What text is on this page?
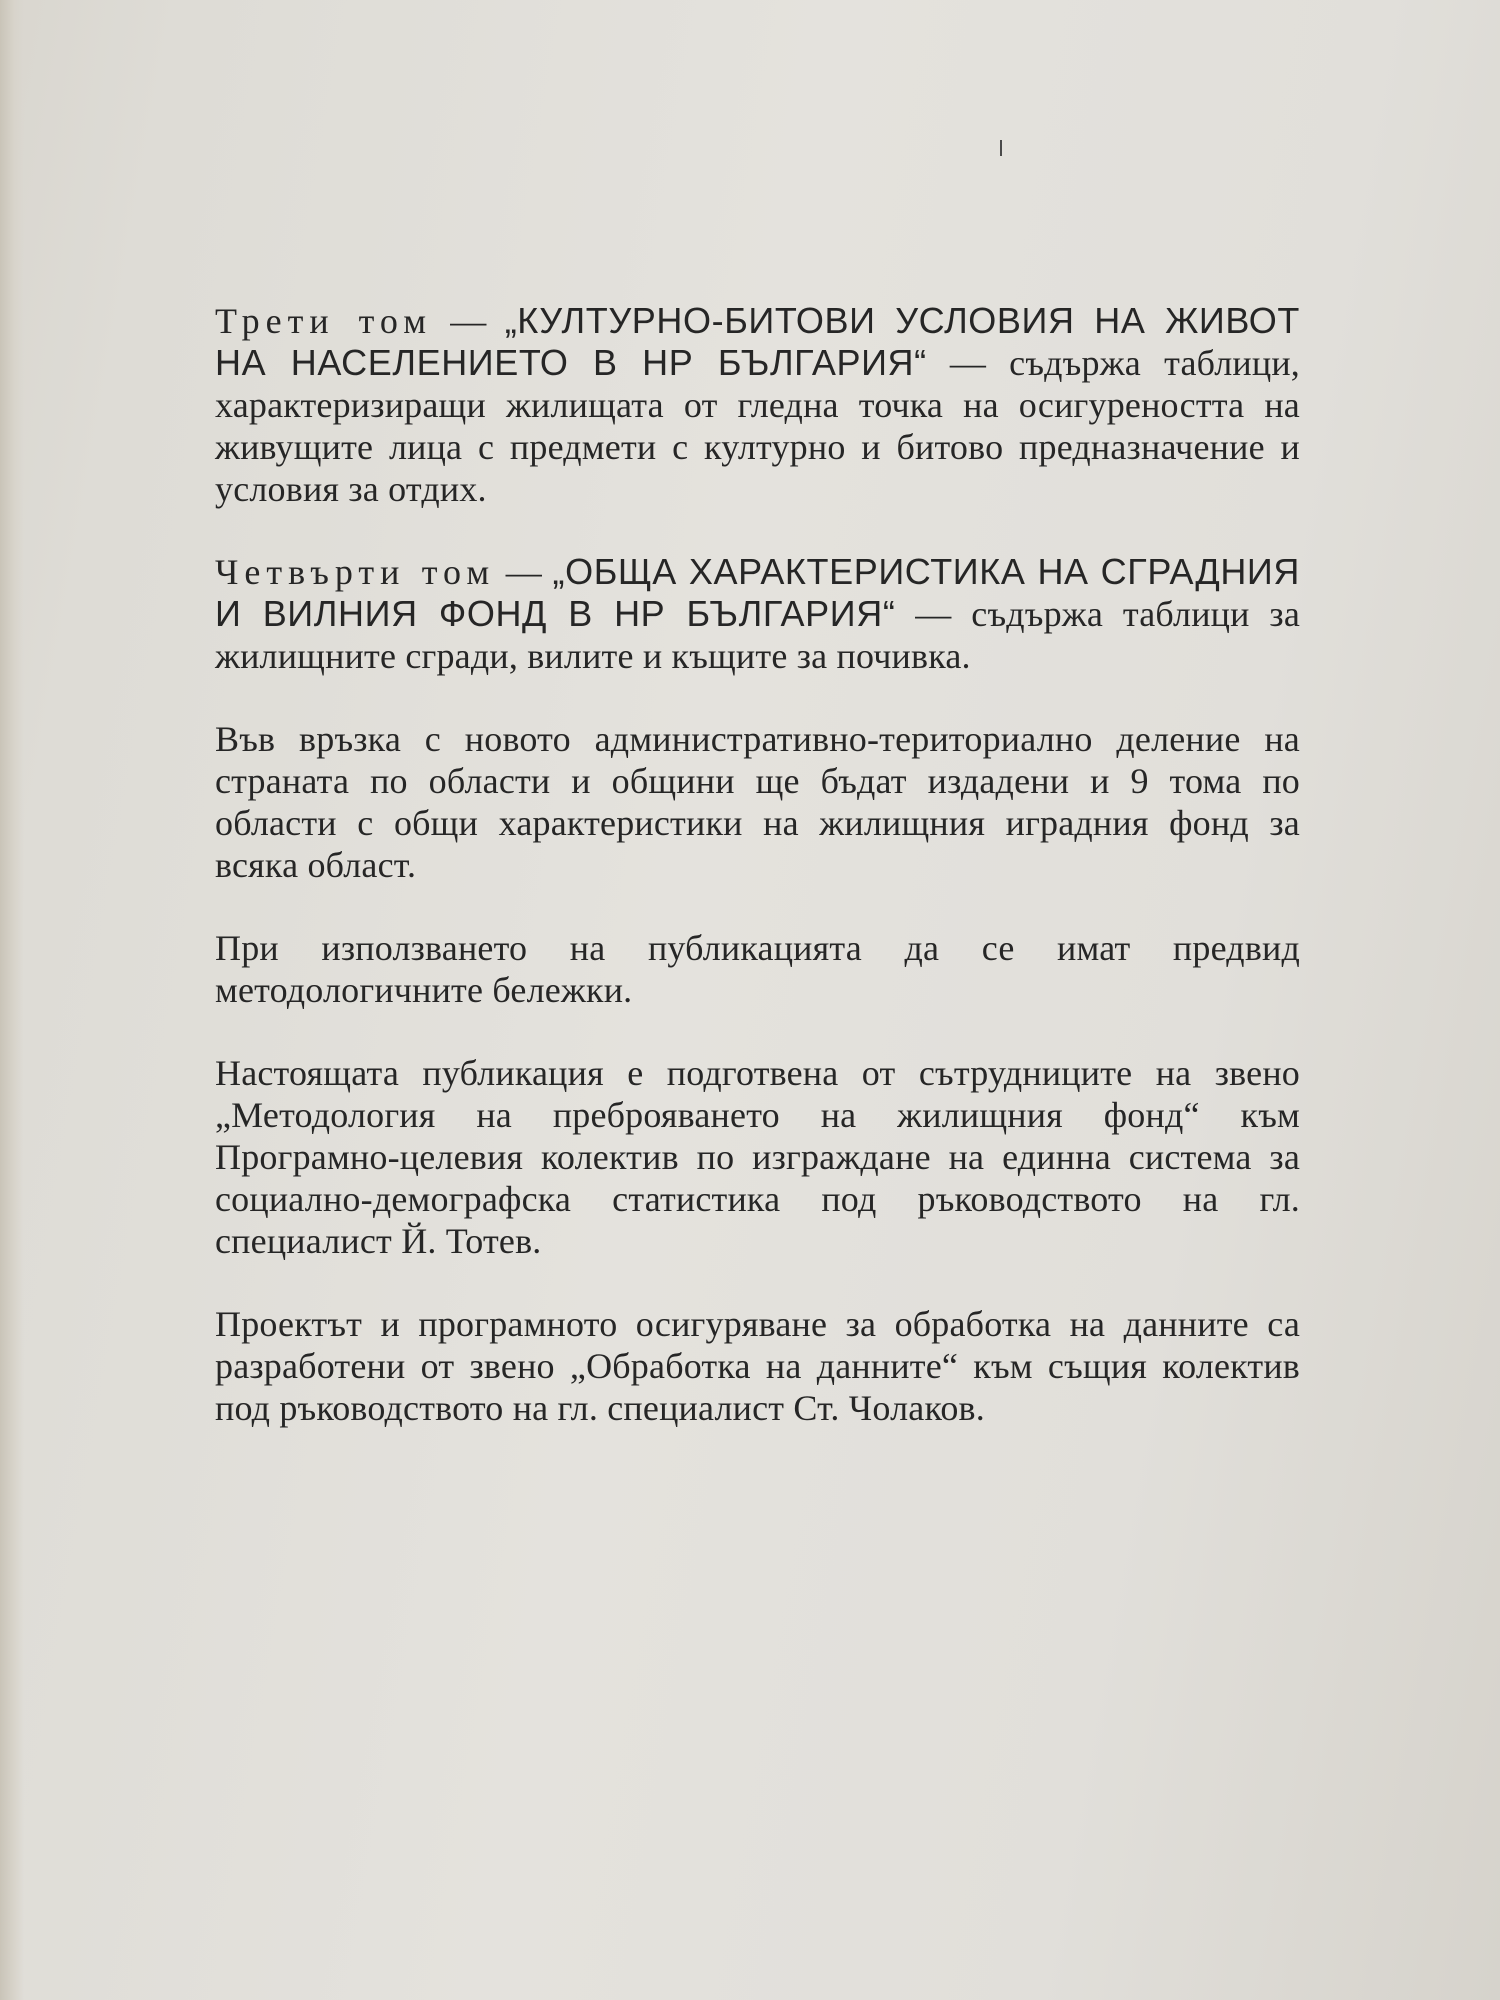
Трети том — „КУЛТУРНО-БИТОВИ УСЛОВИЯ НА ЖИВОТ НА НАСЕЛЕНИЕТО В НР БЪЛГАРИЯ“ — съдържа таблици, характеризиращи жилищата от гледна точка на осигуреността на живущите лица с предмети с културно и битово предназначение и условия за отдих.

Четвърти том — „ОБЩА ХАРАКТЕРИСТИКА НА СГРАДНИЯ И ВИЛНИЯ ФОНД В НР БЪЛГАРИЯ“ — съдържа таблици за жилищните сгради, вилите и къщите за почивка.

Във връзка с новото административно-териториално деление на страната по области и общини ще бъдат издадени и 9 тома по области с общи характеристики на жилищния иградния фонд за всяка област.

При използването на публикацията да се имат предвид методологичните бележки.

Настоящата публикация е подготвена от сътрудниците на звено „Методология на преброяването на жилищния фонд“ към Програмно-целевия колектив по изграждане на единна система за социално-демографска статистика под ръководството на гл. специалист Й. Тотев.

Проектът и програмното осигуряване за обработка на данните са разработени от звено „Обработка на данните“ към същия колектив под ръководството на гл. специалист Ст. Чолаков.
